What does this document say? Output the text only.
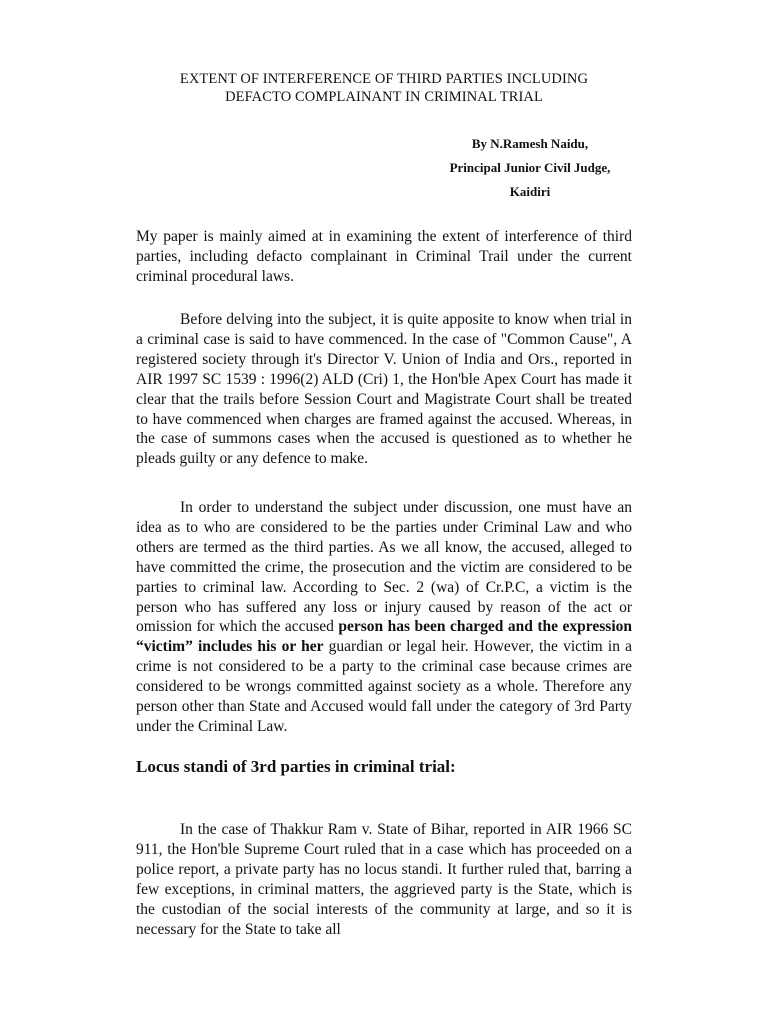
EXTENT OF INTERFERENCE OF THIRD PARTIES INCLUDING
DEFACTO COMPLAINANT IN CRIMINAL TRIAL
By N.Ramesh Naidu,
Principal Junior Civil Judge,
Kaidiri

My paper is mainly aimed at in examining the extent of interference of third parties, including defacto complainant in Criminal Trail under the current criminal procedural laws.

Before delving into the subject, it is quite apposite to know when trial in a criminal case is said to have commenced. In the case of "Common Cause", A registered society through it's Director V. Union of India and Ors., reported in AIR 1997 SC 1539 : 1996(2) ALD (Cri) 1, the Hon'ble Apex Court has made it clear that the trails before Session Court and Magistrate Court shall be treated to have commenced when charges are framed against the accused. Whereas, in the case of summons cases when the accused is questioned as to whether he pleads guilty or any defence to make.

In order to understand the subject under discussion, one must have an idea as to who are considered to be the parties under Criminal Law and who others are termed as the third parties. As we all know, the accused, alleged to have committed the crime, the prosecution and the victim are considered to be parties to criminal law. According to Sec. 2 (wa) of Cr.P.C, a victim is the person who has suffered any loss or injury caused by reason of the act or omission for which the accused person has been charged and the expression “victim” includes his or her guardian or legal heir. However, the victim in a crime is not considered to be a party to the criminal case because crimes are considered to be wrongs committed against society as a whole. Therefore any person other than State and Accused would fall under the category of 3rd Party under the Criminal Law.

Locus standi of 3rd parties in criminal trial:

In the case of Thakkur Ram v. State of Bihar, reported in AIR 1966 SC 911, the Hon'ble Supreme Court ruled that in a case which has proceeded on a police report, a private party has no locus standi. It further ruled that, barring a few exceptions, in criminal matters, the aggrieved party is the State, which is the custodian of the social interests of the community at large, and so it is necessary for the State to take all
